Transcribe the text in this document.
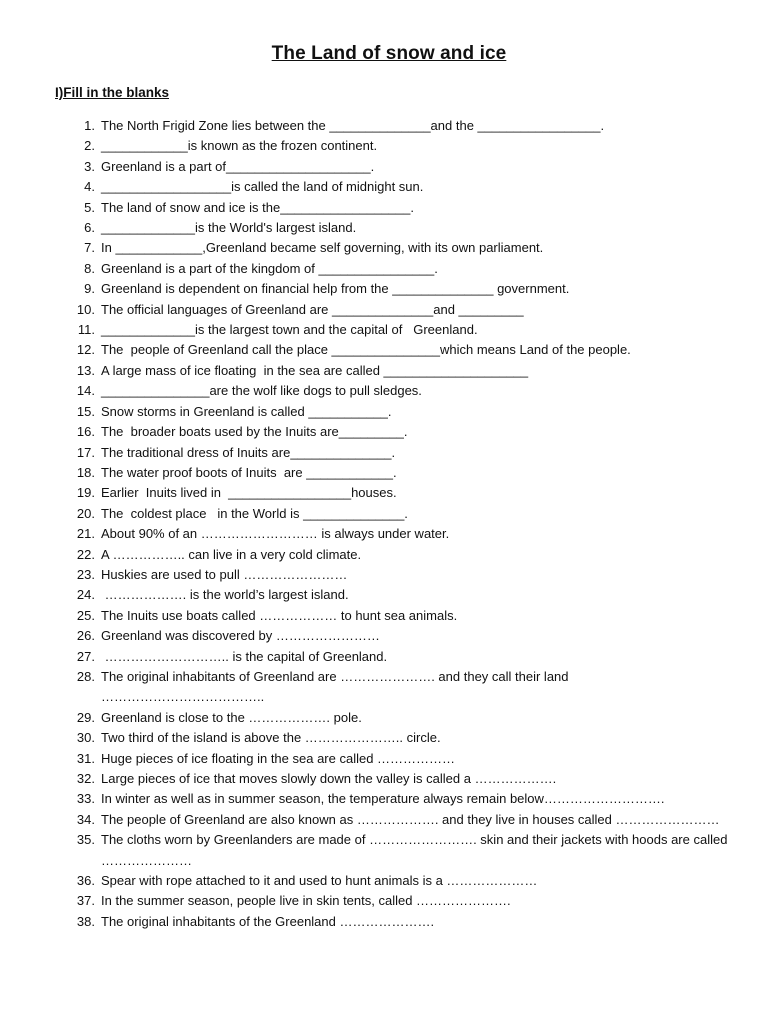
The Land of snow and ice
I)Fill in the blanks
1. The North Frigid Zone lies between the ______________and the _________________.
2. ____________is known as the frozen continent.
3. Greenland is a part of____________________.
4. __________________is called the land of midnight sun.
5. The land of snow and ice is the__________________.
6. _____________is the World's largest island.
7. In ____________,Greenland became self governing, with its own parliament.
8. Greenland is a part of the kingdom of ________________.
9. Greenland is dependent on financial help from the ______________ government.
10. The official languages of Greenland are ______________and _________
11. _____________is the largest town and the capital of   Greenland.
12. The  people of Greenland call the place _______________which means Land of the people.
13. A large mass of ice floating  in the sea are called ____________________
14. _______________are the wolf like dogs to pull sledges.
15. Snow storms in Greenland is called ___________.
16. The  broader boats used by the Inuits are_________.
17. The traditional dress of Inuits are______________.
18. The water proof boots of Inuits  are ____________.
19. Earlier  Inuits lived in  _________________houses.
20. The  coldest place   in the World is ______________.
21. About 90% of an ……………………… is always under water.
22. A …………….. can live in a very cold climate.
23. Huskies are used to pull ……………………
24. ………………. is the world’s largest island.
25. The Inuits use boats called ……………… to hunt sea animals.
26. Greenland was discovered by ……………………
27. ……………………….. is the capital of Greenland.
28. The original inhabitants of Greenland are …………………. and they call their land ………………………………..
29. Greenland is close to the ………………. pole.
30. Two third of the island is above the ………………….. circle.
31. Huge pieces of ice floating in the sea are called ………………
32. Large pieces of ice that moves slowly down the valley is called a ……………….
33. In winter as well as in summer season, the temperature always remain below……………………….
34. The people of Greenland are also known as ………………. and they live in houses called ……………………
35. The cloths worn by Greenlanders are made of ……………………. skin and their jackets with hoods are called …………………
36. Spear with rope attached to it and used to hunt animals is a …………………
37. In the summer season, people live in skin tents, called ………………….
38. The original inhabitants of the Greenland ………………….
